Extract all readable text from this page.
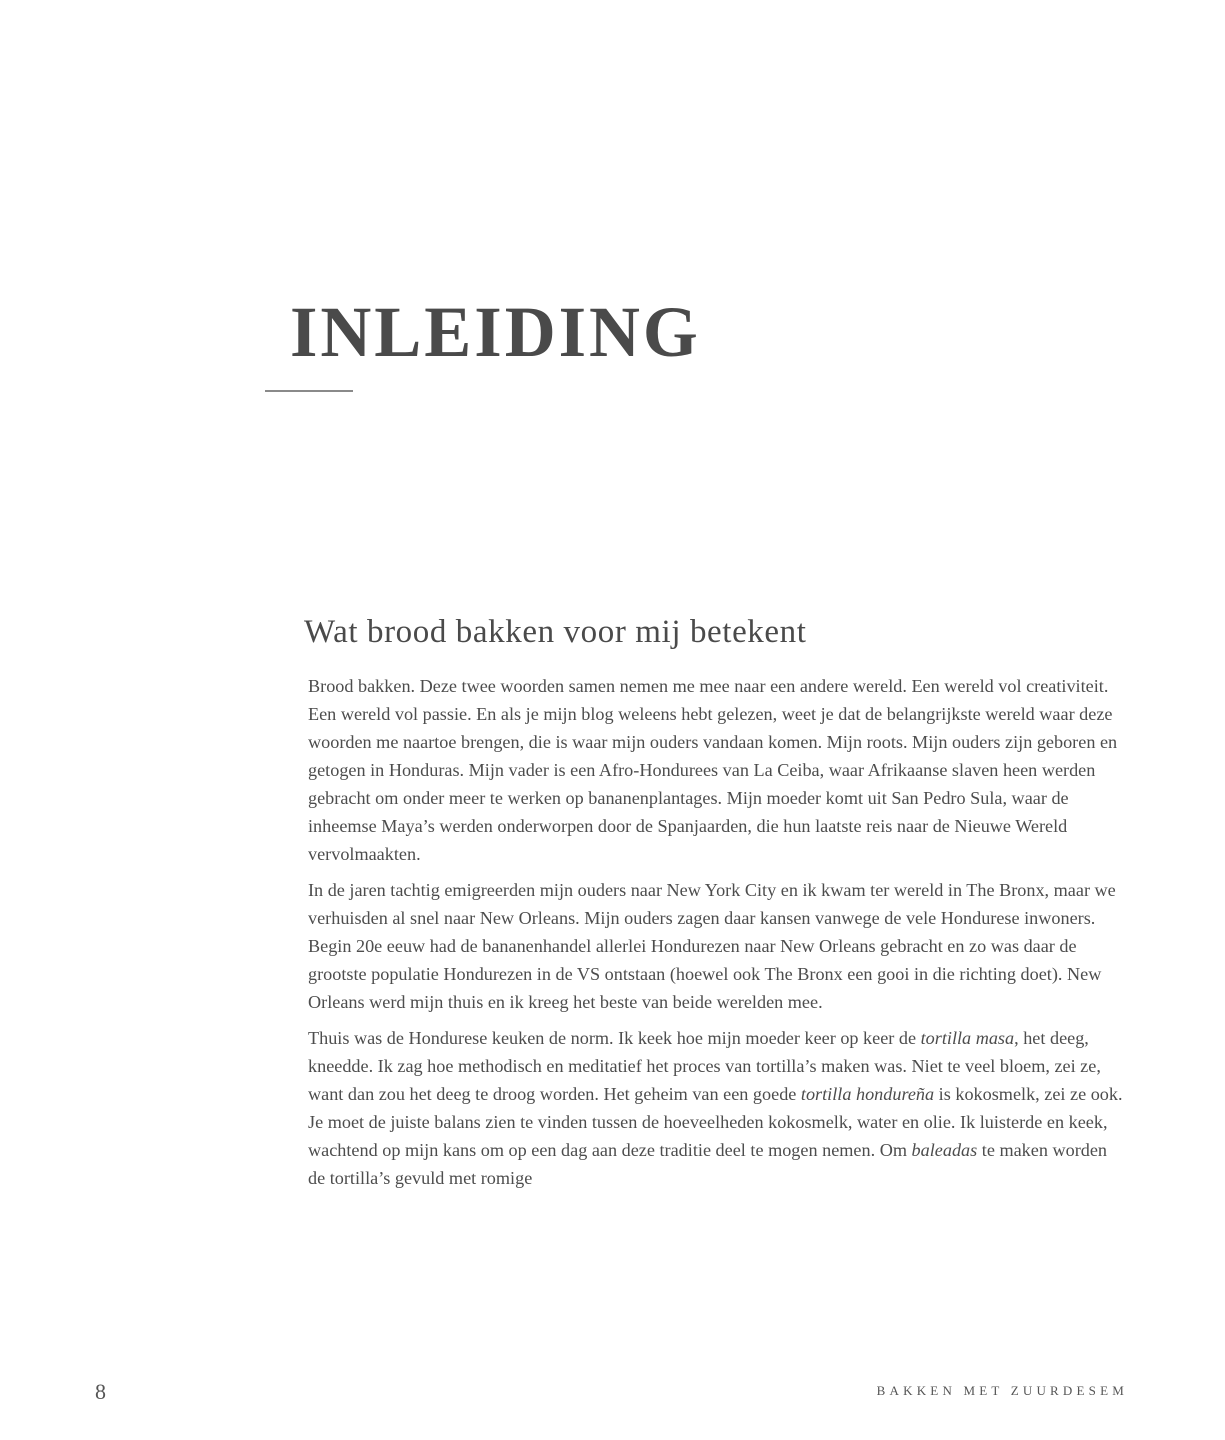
INLEIDING
Wat brood bakken voor mij betekent

Brood bakken. Deze twee woorden samen nemen me mee naar een andere wereld. Een wereld vol creativiteit. Een wereld vol passie. En als je mijn blog weleens hebt gelezen, weet je dat de belangrijkste wereld waar deze woorden me naartoe brengen, die is waar mijn ouders vandaan komen. Mijn roots. Mijn ouders zijn geboren en getogen in Honduras. Mijn vader is een Afro-Hondurees van La Ceiba, waar Afrikaanse slaven heen werden gebracht om onder meer te werken op bananenplantages. Mijn moeder komt uit San Pedro Sula, waar de inheemse Maya’s werden onderworpen door de Spanjaarden, die hun laatste reis naar de Nieuwe Wereld vervolmaakten.

In de jaren tachtig emigreerden mijn ouders naar New York City en ik kwam ter wereld in The Bronx, maar we verhuisden al snel naar New Orleans. Mijn ouders zagen daar kansen vanwege de vele Hondurese inwoners. Begin 20e eeuw had de bananenhandel allerlei Hondurezen naar New Orleans gebracht en zo was daar de grootste populatie Hondurezen in de VS ontstaan (hoewel ook The Bronx een gooi in die richting doet). New Orleans werd mijn thuis en ik kreeg het beste van beide werelden mee.

Thuis was de Hondurese keuken de norm. Ik keek hoe mijn moeder keer op keer de tortilla masa, het deeg, kneedde. Ik zag hoe methodisch en meditatief het proces van tortilla’s maken was. Niet te veel bloem, zei ze, want dan zou het deeg te droog worden. Het geheim van een goede tortilla hondureña is kokosmelk, zei ze ook. Je moet de juiste balans zien te vinden tussen de hoeveelheden kokosmelk, water en olie. Ik luisterde en keek, wachtend op mijn kans om op een dag aan deze traditie deel te mogen nemen. Om baleadas te maken worden de tortilla’s gevuld met romige

8	BAKKEN MET ZUURDESEM
